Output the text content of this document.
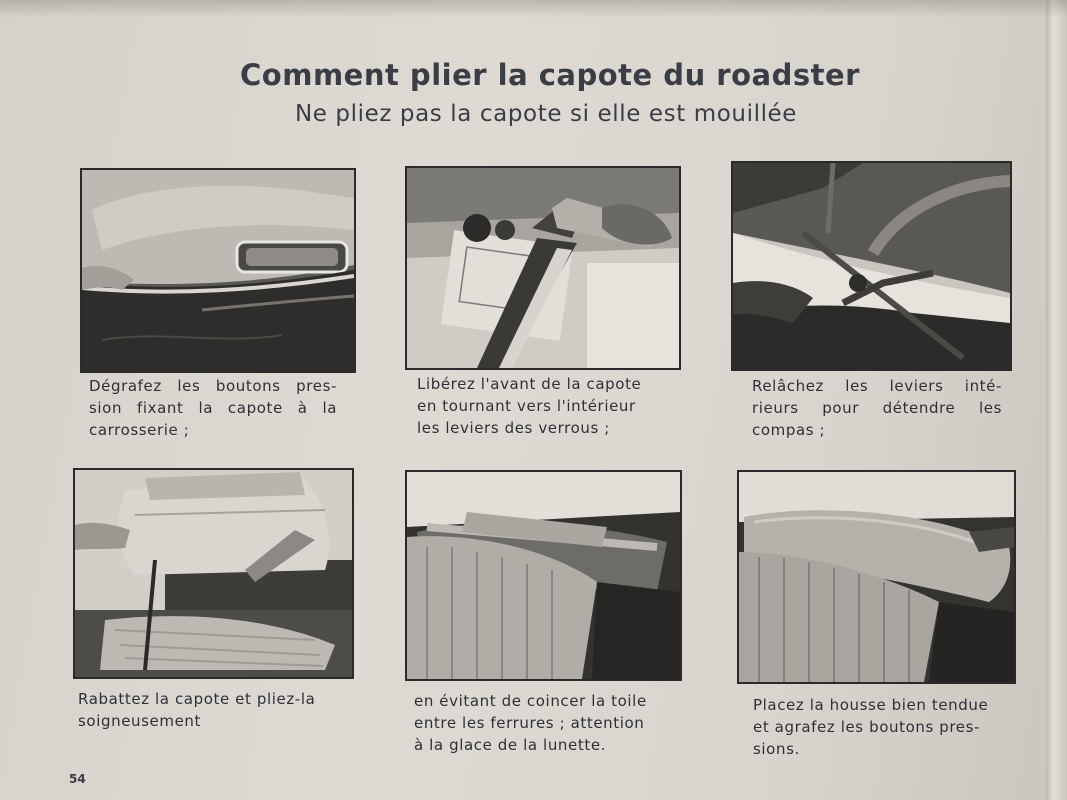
Comment plier la capote du roadster
Ne pliez pas la capote si elle est mouillée
Dégrafez les boutons pres-
sion fixant la capote à la
carrosserie ;
Libérez l'avant de la capote
en tournant vers l'intérieur
les leviers des verrous ;
Relâchez les leviers inté-
rieurs pour détendre les
compas ;
Rabattez la capote et pliez-la
soigneusement
en évitant de coincer la toile
entre les ferrures ; attention
à la glace de la lunette.
Placez la housse bien tendue
et agrafez les boutons pres-
sions.
54
